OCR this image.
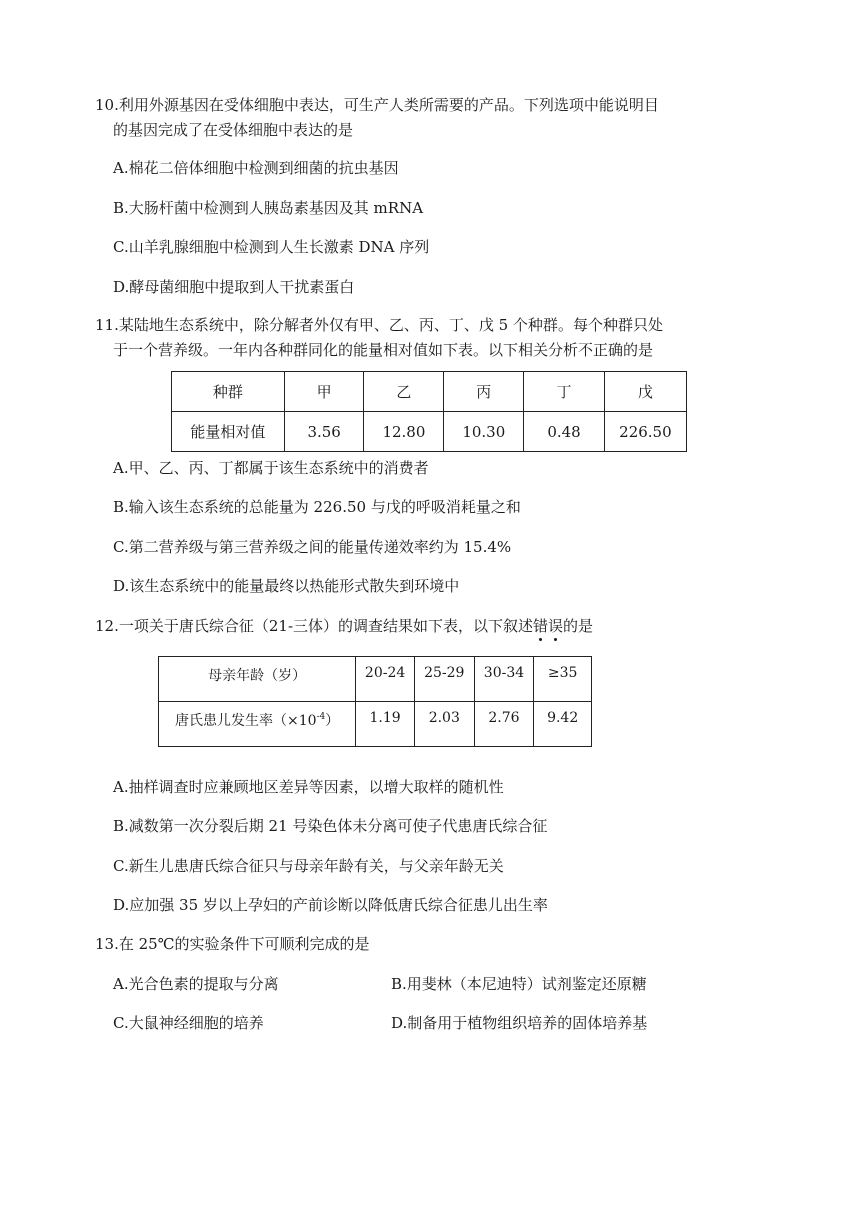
10.利用外源基因在受体细胞中表达，可生产人类所需要的产品。下列选项中能说明目
的基因完成了在受体细胞中表达的是
A.棉花二倍体细胞中检测到细菌的抗虫基因
B.大肠杆菌中检测到人胰岛素基因及其 mRNA
C.山羊乳腺细胞中检测到人生长激素 DNA 序列
D.酵母菌细胞中提取到人干扰素蛋白
11.某陆地生态系统中，除分解者外仅有甲、乙、丙、丁、戊 5 个种群。每个种群只处
于一个营养级。一年内各种群同化的能量相对值如下表。以下相关分析不正确的是
种群	甲	乙	丙	丁	戊
能量相对值	3.56	12.80	10.30	0.48	226.50
A.甲、乙、丙、丁都属于该生态系统中的消费者
B.输入该生态系统的总能量为 226.50 与戊的呼吸消耗量之和
C.第二营养级与第三营养级之间的能量传递效率约为 15.4%
D.该生态系统中的能量最终以热能形式散失到环境中
12.一项关于唐氏综合征（21-三体）的调查结果如下表，以下叙述错误的是
母亲年龄（岁）	20-24	25-29	30-34	≥35
唐氏患儿发生率$(\times 10^{-4})$	1.19	2.03	2.76	9.42
A.抽样调查时应兼顾地区差异等因素，以增大取样的随机性
B.减数第一次分裂后期 21 号染色体未分离可使子代患唐氏综合征
C.新生儿患唐氏综合征只与母亲年龄有关，与父亲年龄无关
D.应加强 35 岁以上孕妇的产前诊断以降低唐氏综合征患儿出生率
13.在 25℃的实验条件下可顺利完成的是
A.光合色素的提取与分离	B.用斐林（本尼迪特）试剂鉴定还原糖
C.大鼠神经细胞的培养	D.制备用于植物组织培养的固体培养基
